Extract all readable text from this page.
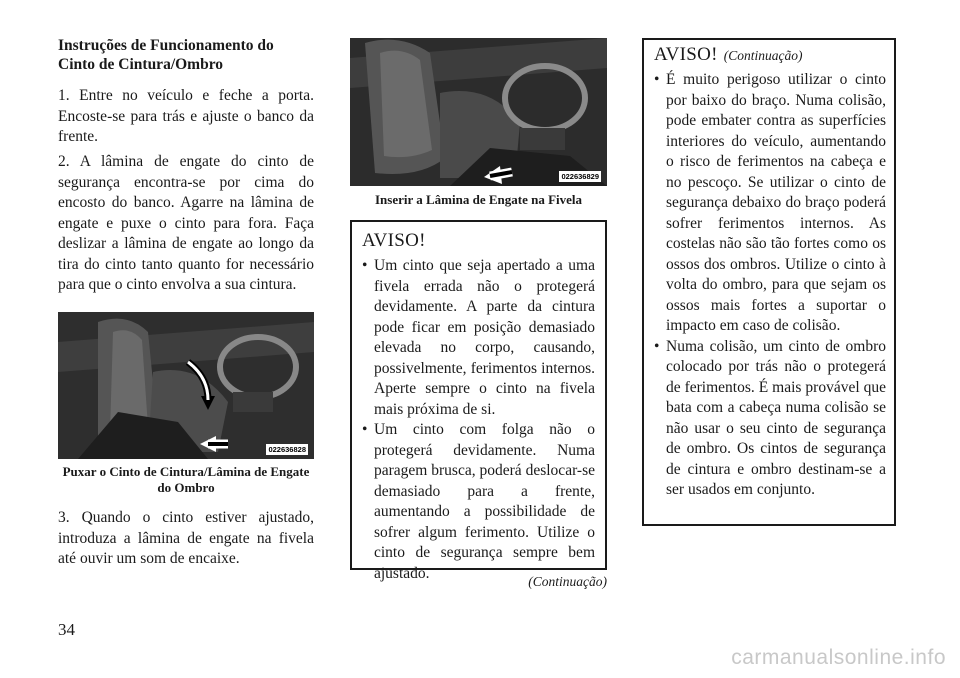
Instruções de Funcionamento do Cinto de Cintura/Ombro
1. Entre no veículo e feche a porta. Encoste-se para trás e ajuste o banco da frente.
2. A lâmina de engate do cinto de segurança encontra-se por cima do encosto do banco. Agarre na lâmina de engate e puxe o cinto para fora. Faça deslizar a lâmina de engate ao longo da tira do cinto tanto quanto for necessário para que o cinto envolva a sua cintura.
022636828
Puxar o Cinto de Cintura/Lâmina de Engate do Ombro
3. Quando o cinto estiver ajustado, introduza a lâmina de engate na fivela até ouvir um som de encaixe.
022636829
Inserir a Lâmina de Engate na Fivela
AVISO!
• Um cinto que seja apertado a uma fivela errada não o protegerá devidamente. A parte da cintura pode ficar em posição demasiado elevada no corpo, causando, possivelmente, ferimentos internos. Aperte sempre o cinto na fivela mais próxima de si.
• Um cinto com folga não o protegerá devidamente. Numa paragem brusca, poderá deslocar-se demasiado para a frente, aumentando a possibilidade de sofrer algum ferimento. Utilize o cinto de segurança sempre bem ajustado.	(Continuação)
AVISO! (Continuação)
• É muito perigoso utilizar o cinto por baixo do braço. Numa colisão, pode embater contra as superfícies interiores do veículo, aumentando o risco de ferimentos na cabeça e no pescoço. Se utilizar o cinto de segurança debaixo do braço poderá sofrer ferimentos internos. As costelas não são tão fortes como os ossos dos ombros. Utilize o cinto à volta do ombro, para que sejam os ossos mais fortes a suportar o impacto em caso de colisão.
• Numa colisão, um cinto de ombro colocado por trás não o protegerá de ferimentos. É mais provável que bata com a cabeça numa colisão se não usar o seu cinto de segurança de ombro. Os cintos de segurança de cintura e ombro destinam-se a ser usados em conjunto.
34
carmanualsonline.info
